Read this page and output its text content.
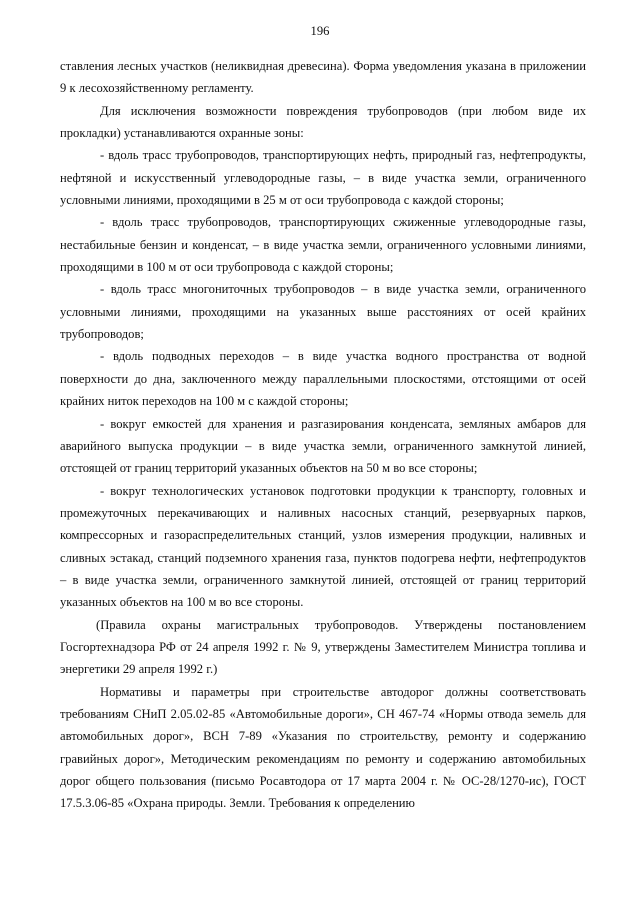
196

ставления лесных участков (неликвидная древесина). Форма уведомления указана в приложении 9 к лесохозяйственному регламенту.

Для исключения возможности повреждения трубопроводов (при любом виде их прокладки) устанавливаются охранные зоны:

- вдоль трасс трубопроводов, транспортирующих нефть, природный газ, нефтепродукты, нефтяной и искусственный углеводородные газы, – в виде участка земли, ограниченного условными линиями, проходящими в 25 м от оси трубопровода с каждой стороны;

- вдоль трасс трубопроводов, транспортирующих сжиженные углеводородные газы, нестабильные бензин и конденсат, – в виде участка земли, ограниченного условными линиями, проходящими в 100 м от оси трубопровода с каждой стороны;

- вдоль трасс многониточных трубопроводов – в виде участка земли, ограниченного условными линиями, проходящими на указанных выше расстояниях от осей крайних трубопроводов;

- вдоль подводных переходов – в виде участка водного пространства от водной поверхности до дна, заключенного между параллельными плоскостями, отстоящими от осей крайних ниток переходов на 100 м с каждой стороны;

- вокруг емкостей для хранения и разгазирования конденсата, земляных амбаров для аварийного выпуска продукции – в виде участка земли, ограниченного замкнутой линией, отстоящей от границ территорий указанных объектов на 50 м во все стороны;

- вокруг технологических установок подготовки продукции к транспорту, головных и промежуточных перекачивающих и наливных насосных станций, резервуарных парков, компрессорных и газораспределительных станций, узлов измерения продукции, наливных и сливных эстакад, станций подземного хранения газа, пунктов подогрева нефти, нефтепродуктов – в виде участка земли, ограниченного замкнутой линией, отстоящей от границ территорий указанных объектов на 100 м во все стороны.

(Правила охраны магистральных трубопроводов. Утверждены постановлением Госгортехнадзора РФ от 24 апреля 1992 г. № 9, утверждены Заместителем Министра топлива и энергетики 29 апреля 1992 г.)

Нормативы и параметры при строительстве автодорог должны соответствовать требованиям СНиП 2.05.02-85 «Автомобильные дороги», СН 467-74 «Нормы отвода земель для автомобильных дорог», ВСН 7-89 «Указания по строительству, ремонту и содержанию гравийных дорог», Методическим рекомендациям по ремонту и содержанию автомобильных дорог общего пользования (письмо Росавтодора от 17 марта 2004 г. № ОС-28/1270-ис), ГОСТ 17.5.3.06-85 «Охрана природы. Земли. Требования к определению
